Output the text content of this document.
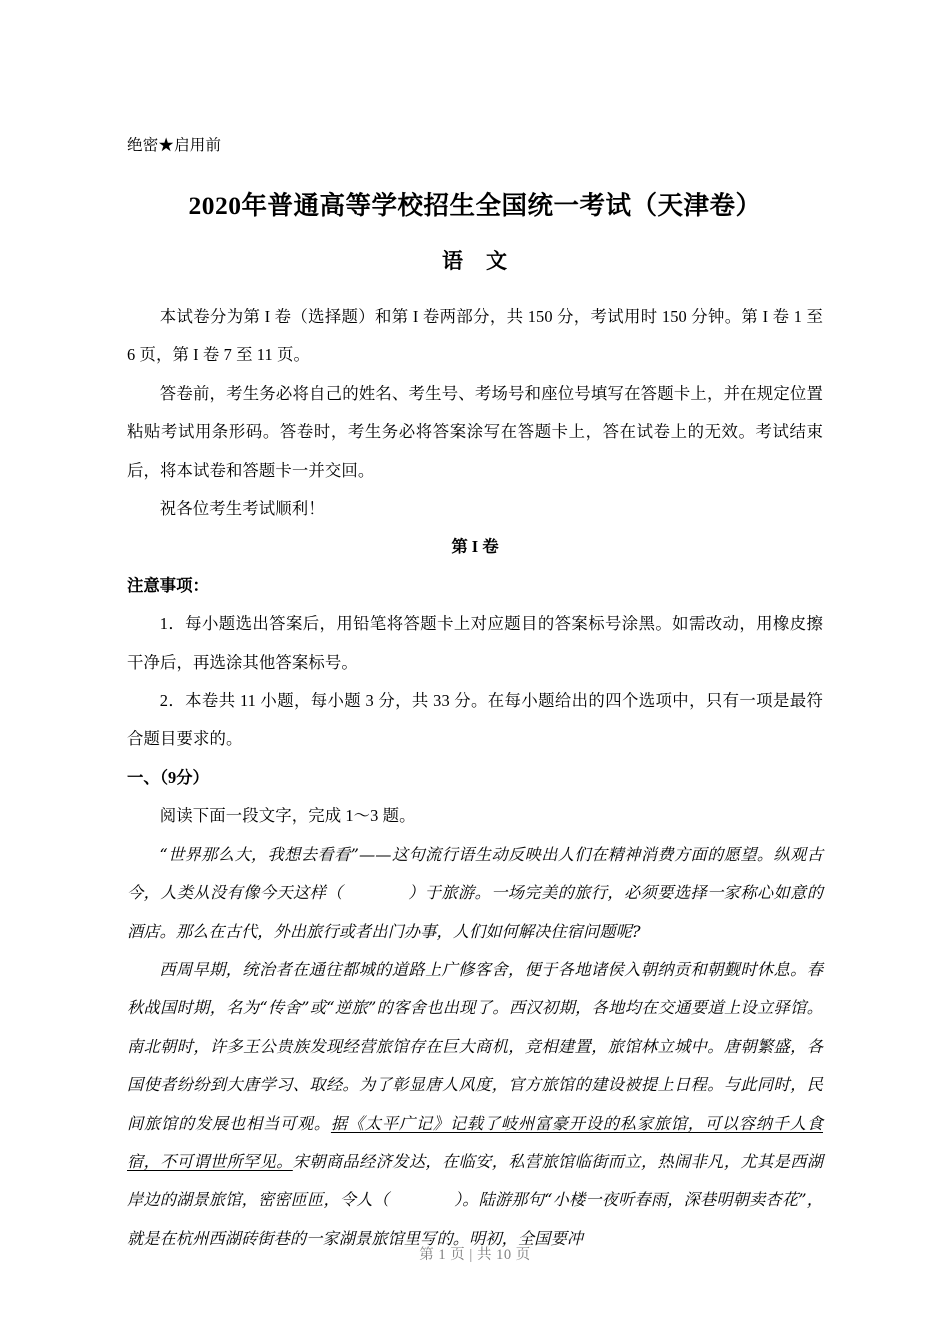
绝密★启用前
2020年普通高等学校招生全国统一考试（天津卷）
语　文

本试卷分为第 I 卷（选择题）和第 I 卷两部分，共 150 分，考试用时 150 分钟。第 I 卷 1 至 6 页，第 I 卷 7 至 11 页。

答卷前，考生务必将自己的姓名、考生号、考场号和座位号填写在答题卡上，并在规定位置粘贴考试用条形码。答卷时，考生务必将答案涂写在答题卡上，答在试卷上的无效。考试结束后，将本试卷和答题卡一并交回。

祝各位考生考试顺利！

第 I 卷

注意事项：

1．每小题选出答案后，用铅笔将答题卡上对应题目的答案标号涂黑。如需改动，用橡皮擦干净后，再选涂其他答案标号。

2．本卷共 11 小题，每小题 3 分，共 33 分。在每小题给出的四个选项中，只有一项是最符合题目要求的。

一、（9分）

阅读下面一段文字，完成 1～3 题。

“世界那么大，我想去看看”——这句流行语生动反映出人们在精神消费方面的愿望。纵观古今，人类从没有像今天这样（　　	）于旅游。一场完美的旅行，必须要选择一家称心如意的酒店。那么在古代，外出旅行或者出门办事，人们如何解决住宿问题呢?

西周早期，统治者在通往都城的道路上广修客舍，便于各地诸侯入朝纳贡和朝觐时休息。春秋战国时期，名为“传舍”或“逆旅”的客舍也出现了。西汉初期，各地均在交通要道上设立驿馆。南北朝时，许多王公贵族发现经营旅馆存在巨大商机，竞相建置，旅馆林立城中。唐朝繁盛，各国使者纷纷到大唐学习、取经。为了彰显唐人风度，官方旅馆的建设被提上日程。与此同时，民间旅馆的发展也相当可观。据《太平广记》记载了岐州富豪开设的私家旅馆，可以容纳千人食宿，不可谓世所罕见。宋朝商品经济发达，在临安，私营旅馆临街而立，热闹非凡，尤其是西湖岸边的湖景旅馆，密密匝匝，令人（　　	）。陆游那句“小楼一夜听春雨，深巷明朝卖杏花”，就是在杭州西湖砖街巷的一家湖景旅馆里写的。明初，全国要冲

第 1 页 | 共 10 页
